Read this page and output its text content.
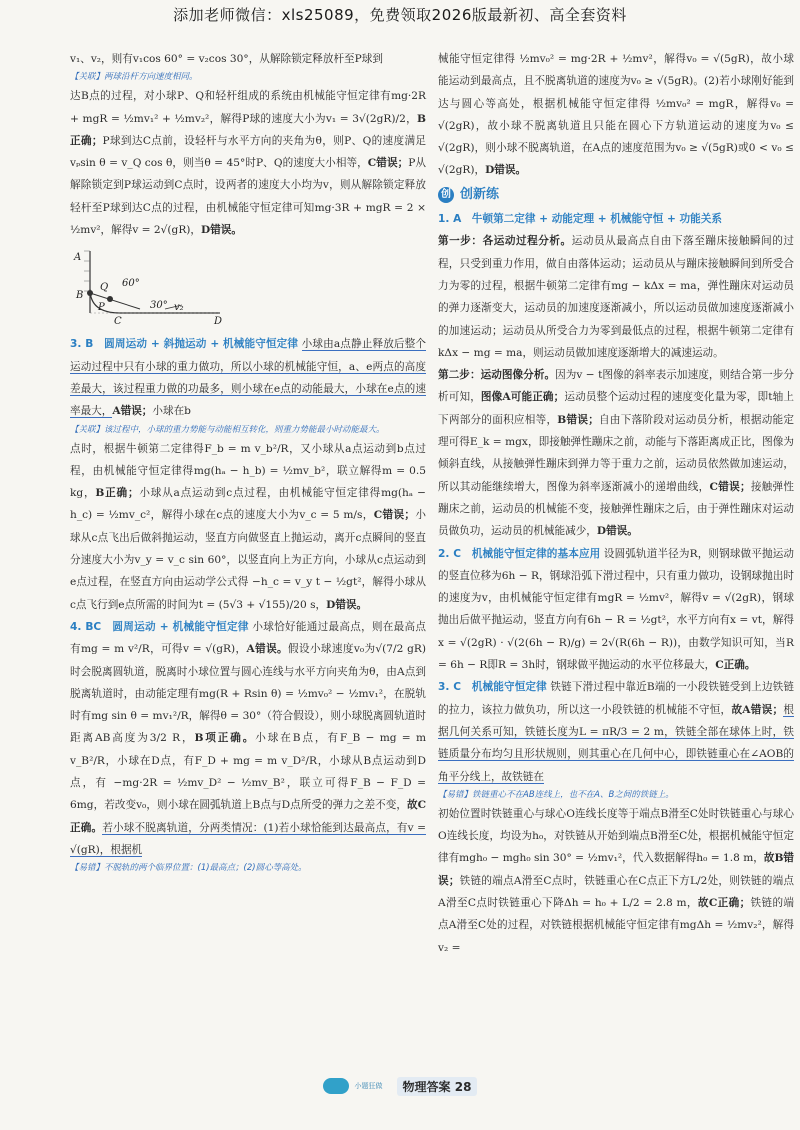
添加老师微信：xls25089，免费领取2026版最新初、高全套资料

v₁、v₂，则有v₁cos 60° = v₂cos 30°，从解除锁定释放杆至P球到

【关联】两球沿杆方向速度相同。

达B点的过程，对小球P、Q和轻杆组成的系统由机械能守恒定律有mg·2R + mgR = ½mv₁² + ½mv₂²，解得P球的速度大小为v₁ = 3√(2gR)/2，B正确；P球到达C点前，设轻杆与水平方向的夹角为θ，则P、Q的速度满足vₚsin θ = v_Q cos θ，则当θ = 45°时P、Q的速度大小相等，C错误；P从解除锁定到P球运动到C点时，设两者的速度大小均为v，则从解除锁定释放轻杆至P球到达C点的过程，由机械能守恒定律可知mg·3R + mgR = 2 × ½mv²，解得v = 2√(gR)，D错误。

A
B
Q
P
60°
30° v₂
C	D

3. B　圆周运动 + 斜抛运动 + 机械能守恒定律 小球由a点静止释放后整个运动过程中只有小球的重力做功，所以小球的机械能守恒，a、e两点的高度差最大，该过程重力做的功最多，则小球在e点的动能最大，小球在e点的速率最大，A错误；小球在b

【关联】该过程中，小球的重力势能与动能相互转化，则重力势能最小时动能最大。

点时，根据牛顿第二定律得F_b = m v_b²/R，又小球从a点运动到b点过程，由机械能守恒定律得mg(hₐ − h_b) = ½mv_b²，联立解得m = 0.5 kg，B正确；小球从a点运动到c点过程，由机械能守恒定律得mg(hₐ − h_c) = ½mv_c²，解得小球在c点的速度大小为v_c = 5 m/s，C错误；小球从c点飞出后做斜抛运动，竖直方向做竖直上抛运动，离开c点瞬间的竖直分速度大小为v_y = v_c sin 60°，以竖直向上为正方向，小球从c点运动到e点过程，在竖直方向由运动学公式得 −h_c = v_y t − ½gt²，解得小球从c点飞行到e点所需的时间为t = (5√3 + √155)/20 s，D错误。

4. BC　圆周运动 + 机械能守恒定律 小球恰好能通过最高点，则在最高点有mg = m v²/R，可得v = √(gR)，A错误。假设小球速度v₀为√(7/2 gR)时会脱离圆轨道，脱离时小球位置与圆心连线与水平方向夹角为θ，由A点到脱离轨道时，由动能定理有mg(R + Rsin θ) = ½mv₀² − ½mv₁²，在脱轨时有mg sin θ = mv₁²/R，解得θ = 30°（符合假设），则小球脱离圆轨道时距离AB高度为3/2 R，B项正确。小球在B点，有F_B − mg = m v_B²/R，小球在D点，有F_D + mg = m v_D²/R，小球从B点运动到D点，有 −mg·2R = ½mv_D² − ½mv_B²，联立可得F_B − F_D = 6mg，若改变v₀，则小球在圆弧轨道上B点与D点所受的弹力之差不变，故C正确。若小球不脱离轨道，分两类情况：(1)若小球恰能到达最高点，有v = √(gR)，根据机

【易错】不脱轨的两个临界位置：(1)最高点；(2)圆心等高处。

械能守恒定律得 ½mv₀² = mg·2R + ½mv²，解得v₀ = √(5gR)，故小球能运动到最高点，且不脱离轨道的速度为v₀ ≥ √(5gR)。(2)若小球刚好能到达与圆心等高处，根据机械能守恒定律得 ½mv₀² = mgR，解得v₀ = √(2gR)，故小球不脱离轨道且只能在圆心下方轨道运动的速度为v₀ ≤ √(2gR)，则小球不脱离轨道，在A点的速度范围为v₀ ≥ √(5gR)或0 < v₀ ≤ √(2gR)，D错误。

创 创新练

1. A　牛顿第二定律 + 动能定理 + 机械能守恒 + 功能关系
第一步：各运动过程分析。运动员从最高点自由下落至蹦床接触瞬间的过程，只受到重力作用，做自由落体运动；运动员从与蹦床接触瞬间到所受合力为零的过程，根据牛顿第二定律有mg − kΔx = ma，弹性蹦床对运动员的弹力逐渐变大，运动员的加速度逐渐减小，所以运动员做加速度逐渐减小的加速运动；运动员从所受合力为零到最低点的过程，根据牛顿第二定律有kΔx − mg = ma，则运动员做加速度逐渐增大的减速运动。

第二步：运动图像分析。因为v − t图像的斜率表示加速度，则结合第一步分析可知，图像A可能正确；运动员整个运动过程的速度变化量为零，即t轴上下两部分的面积应相等，B错误；自由下落阶段对运动员分析，根据动能定理可得E_k = mgx，即接触弹性蹦床之前，动能与下落距离成正比，图像为倾斜直线，从接触弹性蹦床到弹力等于重力之前，运动员依然做加速运动，所以其动能继续增大，图像为斜率逐渐减小的递增曲线，C错误；接触弹性蹦床之前，运动员的机械能不变，接触弹性蹦床之后，由于弹性蹦床对运动员做负功，运动员的机械能减少，D错误。

2. C　机械能守恒定律的基本应用 设圆弧轨道半径为R，则钢球做平抛运动的竖直位移为6h − R，钢球沿弧下滑过程中，只有重力做功，设钢球抛出时的速度为v，由机械能守恒定律有mgR = ½mv²，解得v = √(2gR)，钢球抛出后做平抛运动，竖直方向有6h − R = ½gt²，水平方向有x = vt，解得x = √(2gR) · √(2(6h − R)/g) = 2√(R(6h − R))，由数学知识可知，当R = 6h − R即R = 3h时，钢球做平抛运动的水平位移最大，C正确。

3. C　机械能守恒定律 铁链下滑过程中靠近B端的一小段铁链受到上边铁链的拉力，该拉力做负功，所以这一小段铁链的机械能不守恒，故A错误；根据几何关系可知，铁链长度为L = πR/3 = 2 m，铁链全部在球体上时，铁链质量分布均匀且形状规则，则其重心在几何中心，即铁链重心在∠AOB的角平分线上，故铁链在

【易错】铁链重心不在AB连线上，也不在A、B之间的铁链上。

初始位置时铁链重心与球心O连线长度等于端点B滑至C处时铁链重心与球心O连线长度，均设为h₀，对铁链从开始到端点B滑至C处，根据机械能守恒定律有mgh₀ − mgh₀ sin 30° = ½mv₁²，代入数据解得h₀ = 1.8 m，故B错误；铁链的端点A滑至C点时，铁链重心在C点正下方L/2处，则铁链的端点A滑至C点时铁链重心下降Δh = h₀ + L/2 = 2.8 m，故C正确；铁链的端点A滑至C处的过程，对铁链根据机械能守恒定律有mgΔh = ½mv₂²，解得v₂ =

小题狂做	物理答案 28
